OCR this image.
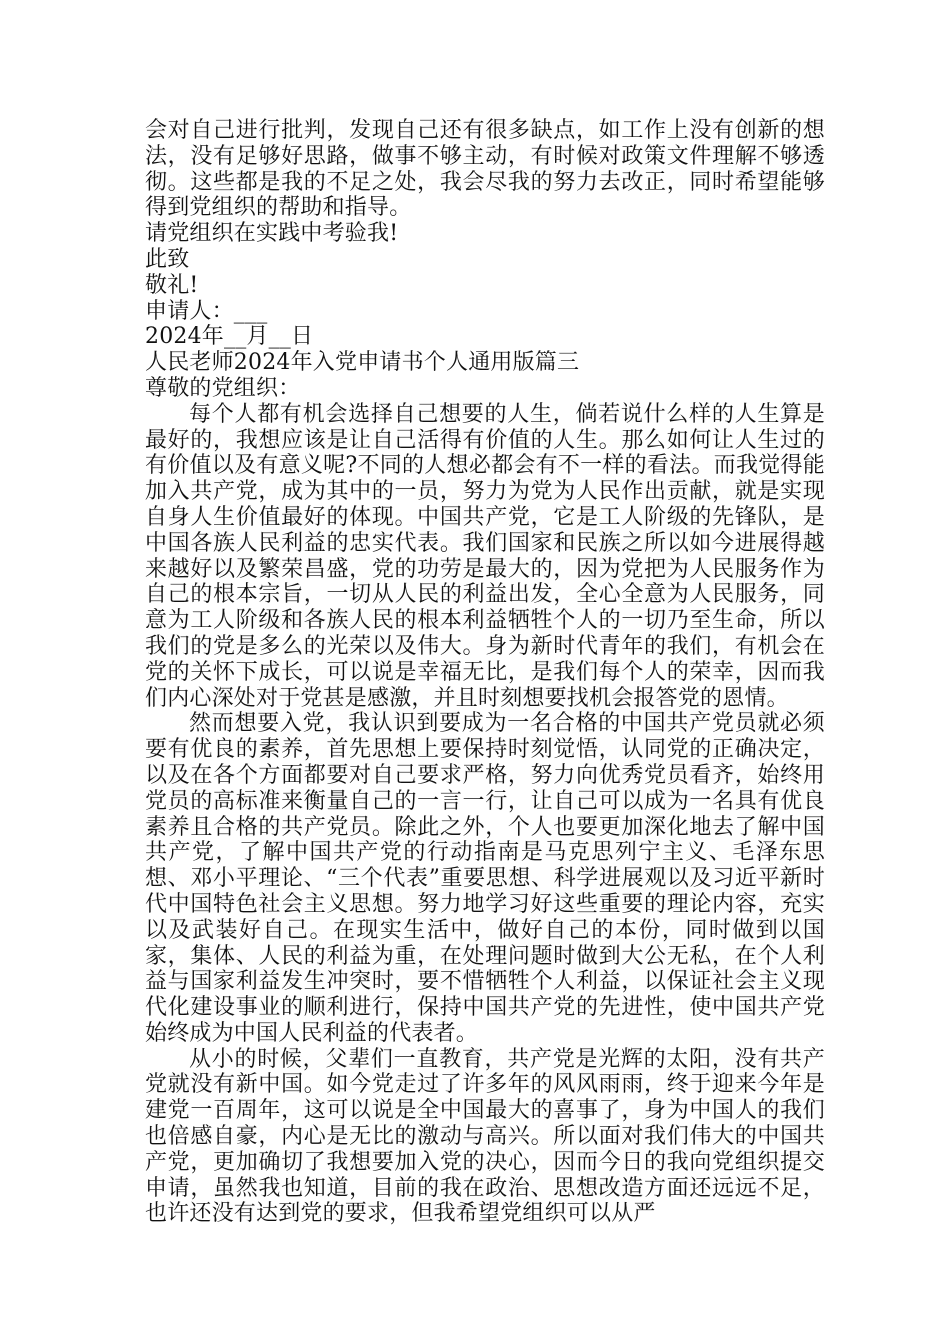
会对自己进行批判，发现自己还有很多缺点，如工作上没有创新的想法，没有足够好思路，做事不够主动，有时候对政策文件理解不够透彻。这些都是我的不足之处，我会尽我的努力去改正，同时希望能够得到党组织的帮助和指导。

请党组织在实践中考验我!

此致

敬礼!

申请人：___

2024年__月__日

人民老师2024年入党申请书个人通用版篇三

尊敬的党组织：

每个人都有机会选择自己想要的人生，倘若说什么样的人生算是最好的，我想应该是让自己活得有价值的人生。那么如何让人生过的有价值以及有意义呢?不同的人想必都会有不一样的看法。而我觉得能加入共产党，成为其中的一员，努力为党为人民作出贡献，就是实现自身人生价值最好的体现。中国共产党，它是工人阶级的先锋队，是中国各族人民利益的忠实代表。我们国家和民族之所以如今进展得越来越好以及繁荣昌盛，党的功劳是最大的，因为党把为人民服务作为自己的根本宗旨，一切从人民的利益出发，全心全意为人民服务，同意为工人阶级和各族人民的根本利益牺牲个人的一切乃至生命，所以我们的党是多么的光荣以及伟大。身为新时代青年的我们，有机会在党的关怀下成长，可以说是幸福无比，是我们每个人的荣幸，因而我们内心深处对于党甚是感激，并且时刻想要找机会报答党的恩情。

然而想要入党，我认识到要成为一名合格的中国共产党员就必须要有优良的素养，首先思想上要保持时刻觉悟，认同党的正确决定，以及在各个方面都要对自己要求严格，努力向优秀党员看齐，始终用党员的高标准来衡量自己的一言一行，让自己可以成为一名具有优良素养且合格的共产党员。除此之外，个人也要更加深化地去了解中国共产党，了解中国共产党的行动指南是马克思列宁主义、毛泽东思想、邓小平理论、“三个代表”重要思想、科学进展观以及习近平新时代中国特色社会主义思想。努力地学习好这些重要的理论内容，充实以及武装好自己。在现实生活中，做好自己的本份，同时做到以国家，集体、人民的利益为重，在处理问题时做到大公无私，在个人利益与国家利益发生冲突时，要不惜牺牲个人利益，以保证社会主义现代化建设事业的顺利进行，保持中国共产党的先进性，使中国共产党始终成为中国人民利益的代表者。

从小的时候，父辈们一直教育，共产党是光辉的太阳，没有共产党就没有新中国。如今党走过了许多年的风风雨雨，终于迎来今年是建党一百周年，这可以说是全中国最大的喜事了，身为中国人的我们也倍感自豪，内心是无比的激动与高兴。所以面对我们伟大的中国共产党，更加确切了我想要加入党的决心，因而今日的我向党组织提交申请，虽然我也知道，目前的我在政治、思想改造方面还远远不足，也许还没有达到党的要求，但我希望党组织可以从严
